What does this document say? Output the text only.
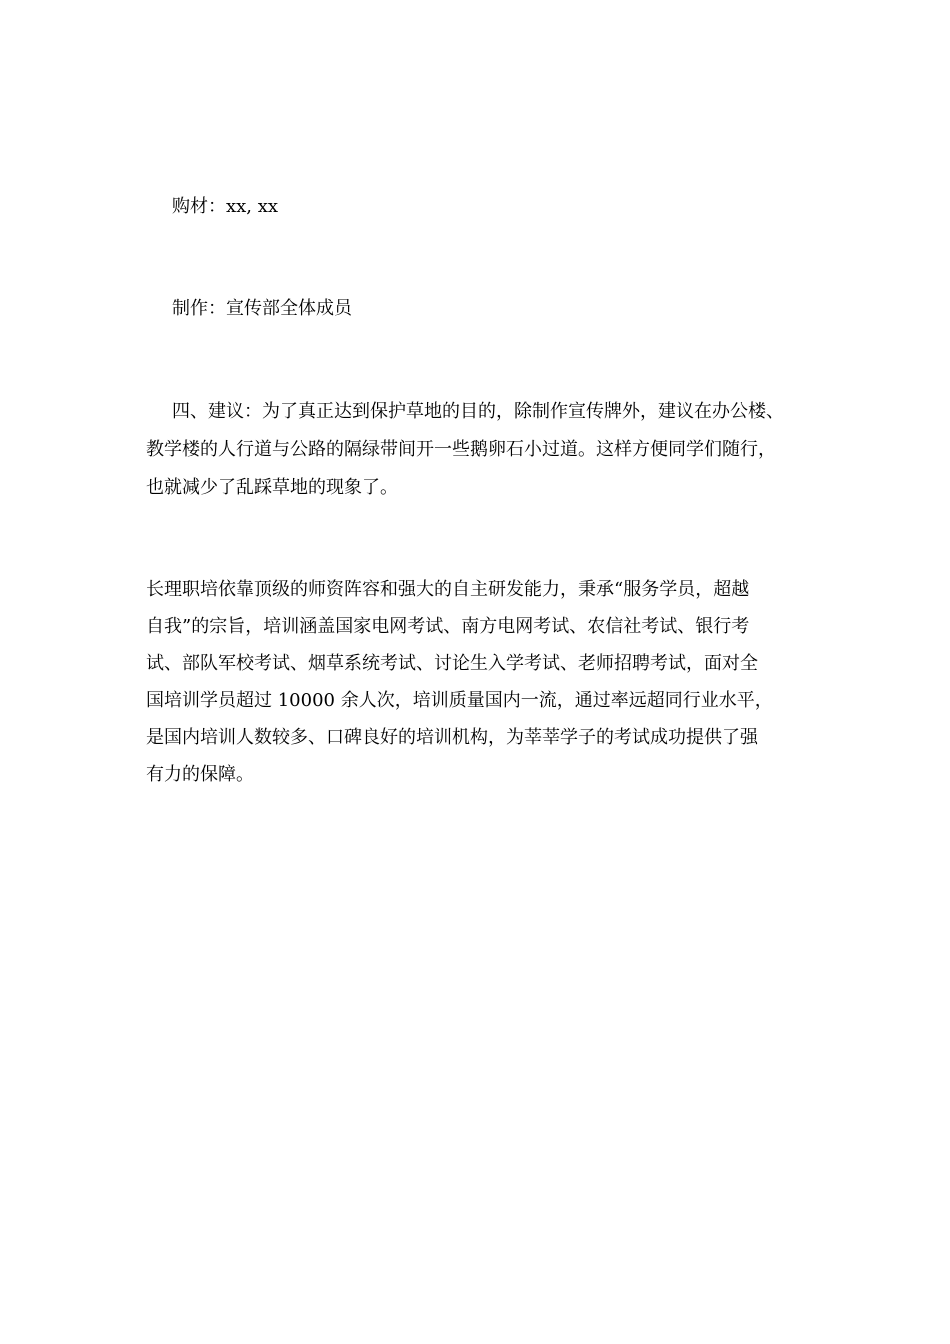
购材：xx, xx
制作：宣传部全体成员
四、建议：为了真正达到保护草地的目的，除制作宣传牌外，建议在办公楼、
教学楼的人行道与公路的隔绿带间开一些鹅卵石小过道。这样方便同学们随行，
也就减少了乱踩草地的现象了。
长理职培依靠顶级的师资阵容和强大的自主研发能力，秉承“服务学员，超越
自我”的宗旨，培训涵盖国家电网考试、南方电网考试、农信社考试、银行考
试、部队军校考试、烟草系统考试、讨论生入学考试、老师招聘考试，面对全
国培训学员超过 10000 余人次，培训质量国内一流，通过率远超同行业水平，
是国内培训人数较多、口碑良好的培训机构，为莘莘学子的考试成功提供了强
有力的保障。
